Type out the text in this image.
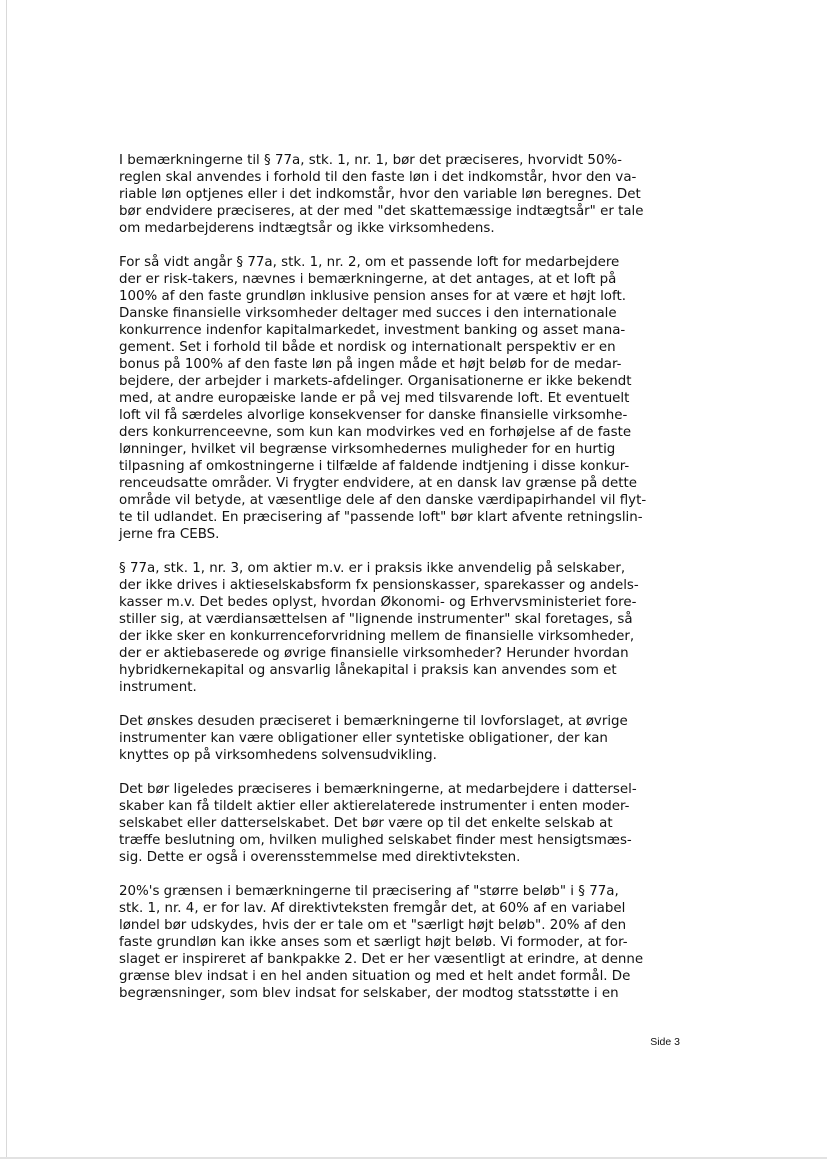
I bemærkningerne til § 77a, stk. 1, nr. 1, bør det præciseres, hvorvidt 50%-
reglen skal anvendes i forhold til den faste løn i det indkomstår, hvor den va-
riable løn optjenes eller i det indkomstår, hvor den variable løn beregnes. Det
bør endvidere præciseres, at der med "det skattemæssige indtægtsår" er tale
om medarbejderens indtægtsår og ikke virksomhedens.

For så vidt angår § 77a, stk. 1, nr. 2, om et passende loft for medarbejdere
der er risk-takers, nævnes i bemærkningerne, at det antages, at et loft på
100% af den faste grundløn inklusive pension anses for at være et højt loft.
Danske finansielle virksomheder deltager med succes i den internationale
konkurrence indenfor kapitalmarkedet, investment banking og asset mana-
gement. Set i forhold til både et nordisk og internationalt perspektiv er en
bonus på 100% af den faste løn på ingen måde et højt beløb for de medar-
bejdere, der arbejder i markets-afdelinger. Organisationerne er ikke bekendt
med, at andre europæiske lande er på vej med tilsvarende loft. Et eventuelt
loft vil få særdeles alvorlige konsekvenser for danske finansielle virksomhe-
ders konkurrenceevne, som kun kan modvirkes ved en forhøjelse af de faste
lønninger, hvilket vil begrænse virksomhedernes muligheder for en hurtig
tilpasning af omkostningerne i tilfælde af faldende indtjening i disse konkur-
renceudsatte områder. Vi frygter endvidere, at en dansk lav grænse på dette
område vil betyde, at væsentlige dele af den danske værdipapirhandel vil flyt-
te til udlandet. En præcisering af "passende loft" bør klart afvente retningslin-
jerne fra CEBS.

§ 77a, stk. 1, nr. 3, om aktier m.v. er i praksis ikke anvendelig på selskaber,
der ikke drives i aktieselskabsform fx pensionskasser, sparekasser og andels-
kasser m.v. Det bedes oplyst, hvordan Økonomi- og Erhvervsministeriet fore-
stiller sig, at værdiansættelsen af "lignende instrumenter" skal foretages, så
der ikke sker en konkurrenceforvridning mellem de finansielle virksomheder,
der er aktiebaserede og øvrige finansielle virksomheder? Herunder hvordan
hybridkernekapital og ansvarlig lånekapital i praksis kan anvendes som et
instrument.

Det ønskes desuden præciseret i bemærkningerne til lovforslaget, at øvrige
instrumenter kan være obligationer eller syntetiske obligationer, der kan
knyttes op på virksomhedens solvensudvikling.

Det bør ligeledes præciseres i bemærkningerne, at medarbejdere i dattersel-
skaber kan få tildelt aktier eller aktierelaterede instrumenter i enten moder-
selskabet eller datterselskabet. Det bør være op til det enkelte selskab at
træffe beslutning om, hvilken mulighed selskabet finder mest hensigtsmæs-
sig. Dette er også i overensstemmelse med direktivteksten.

20%'s grænsen i bemærkningerne til præcisering af "større beløb" i § 77a,
stk. 1, nr. 4, er for lav. Af direktivteksten fremgår det, at 60% af en variabel
løndel bør udskydes, hvis der er tale om et "særligt højt beløb". 20% af den
faste grundløn kan ikke anses som et særligt højt beløb. Vi formoder, at for-
slaget er inspireret af bankpakke 2. Det er her væsentligt at erindre, at denne
grænse blev indsat i en hel anden situation og med et helt andet formål. De
begrænsninger, som blev indsat for selskaber, der modtog statsstøtte i en

Side 3
